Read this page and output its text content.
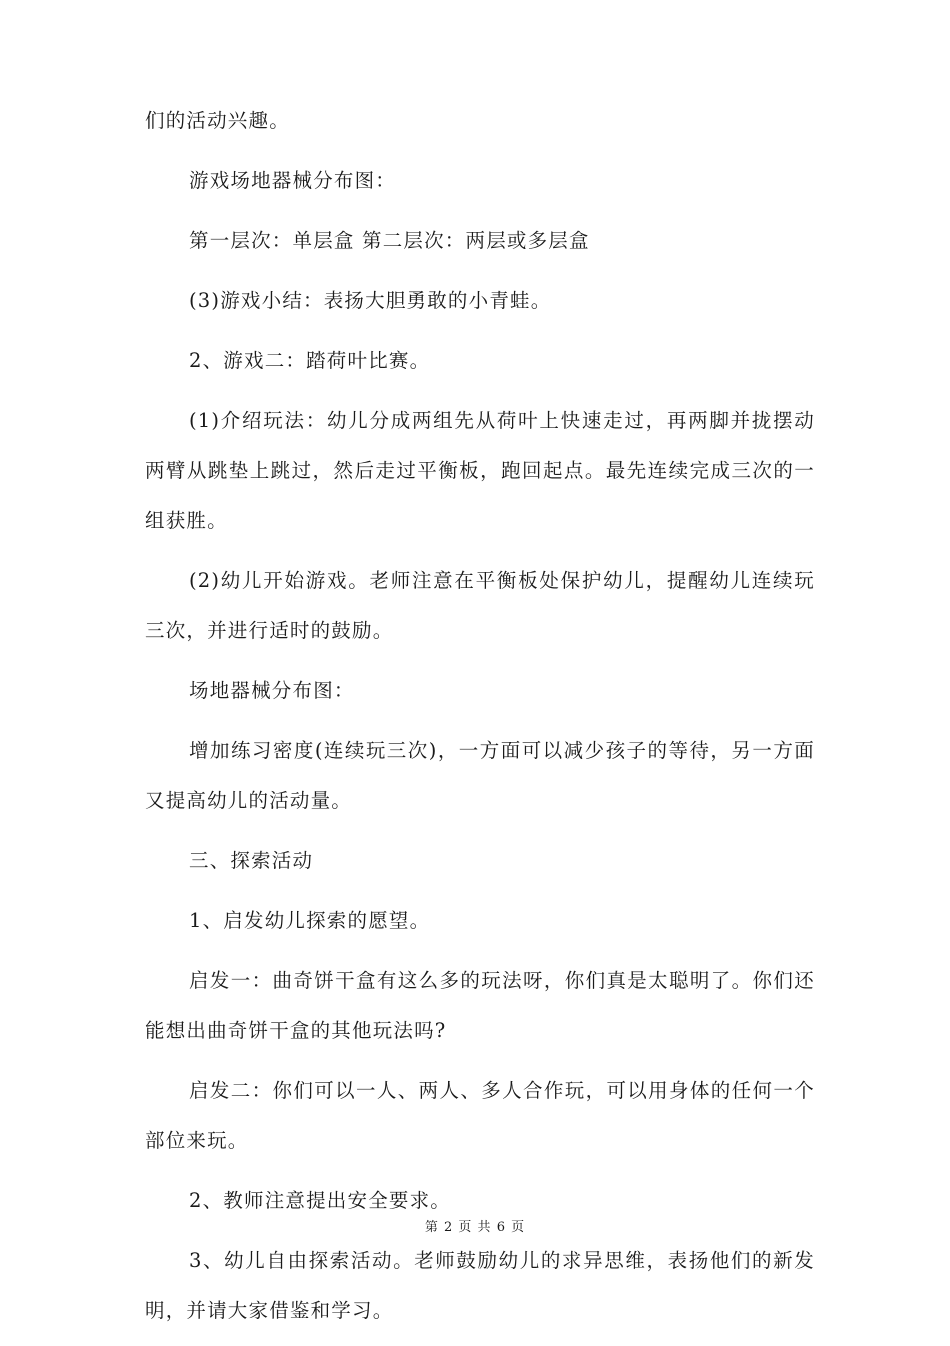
们的活动兴趣。

游戏场地器械分布图：

第一层次：单层盒 第二层次：两层或多层盒

(3)游戏小结：表扬大胆勇敢的小青蛙。

2、游戏二：踏荷叶比赛。

(1)介绍玩法：幼儿分成两组先从荷叶上快速走过，再两脚并拢摆动两臂从跳垫上跳过，然后走过平衡板，跑回起点。最先连续完成三次的一组获胜。

(2)幼儿开始游戏。老师注意在平衡板处保护幼儿，提醒幼儿连续玩三次，并进行适时的鼓励。

场地器械分布图：

增加练习密度(连续玩三次)，一方面可以减少孩子的等待，另一方面又提高幼儿的活动量。

三、探索活动

1、启发幼儿探索的愿望。

启发一：曲奇饼干盒有这么多的玩法呀，你们真是太聪明了。你们还能想出曲奇饼干盒的其他玩法吗?

启发二：你们可以一人、两人、多人合作玩，可以用身体的任何一个部位来玩。

2、教师注意提出安全要求。

3、幼儿自由探索活动。老师鼓励幼儿的求异思维，表扬他们的新发明，并请大家借鉴和学习。

第 2 页 共 6 页
